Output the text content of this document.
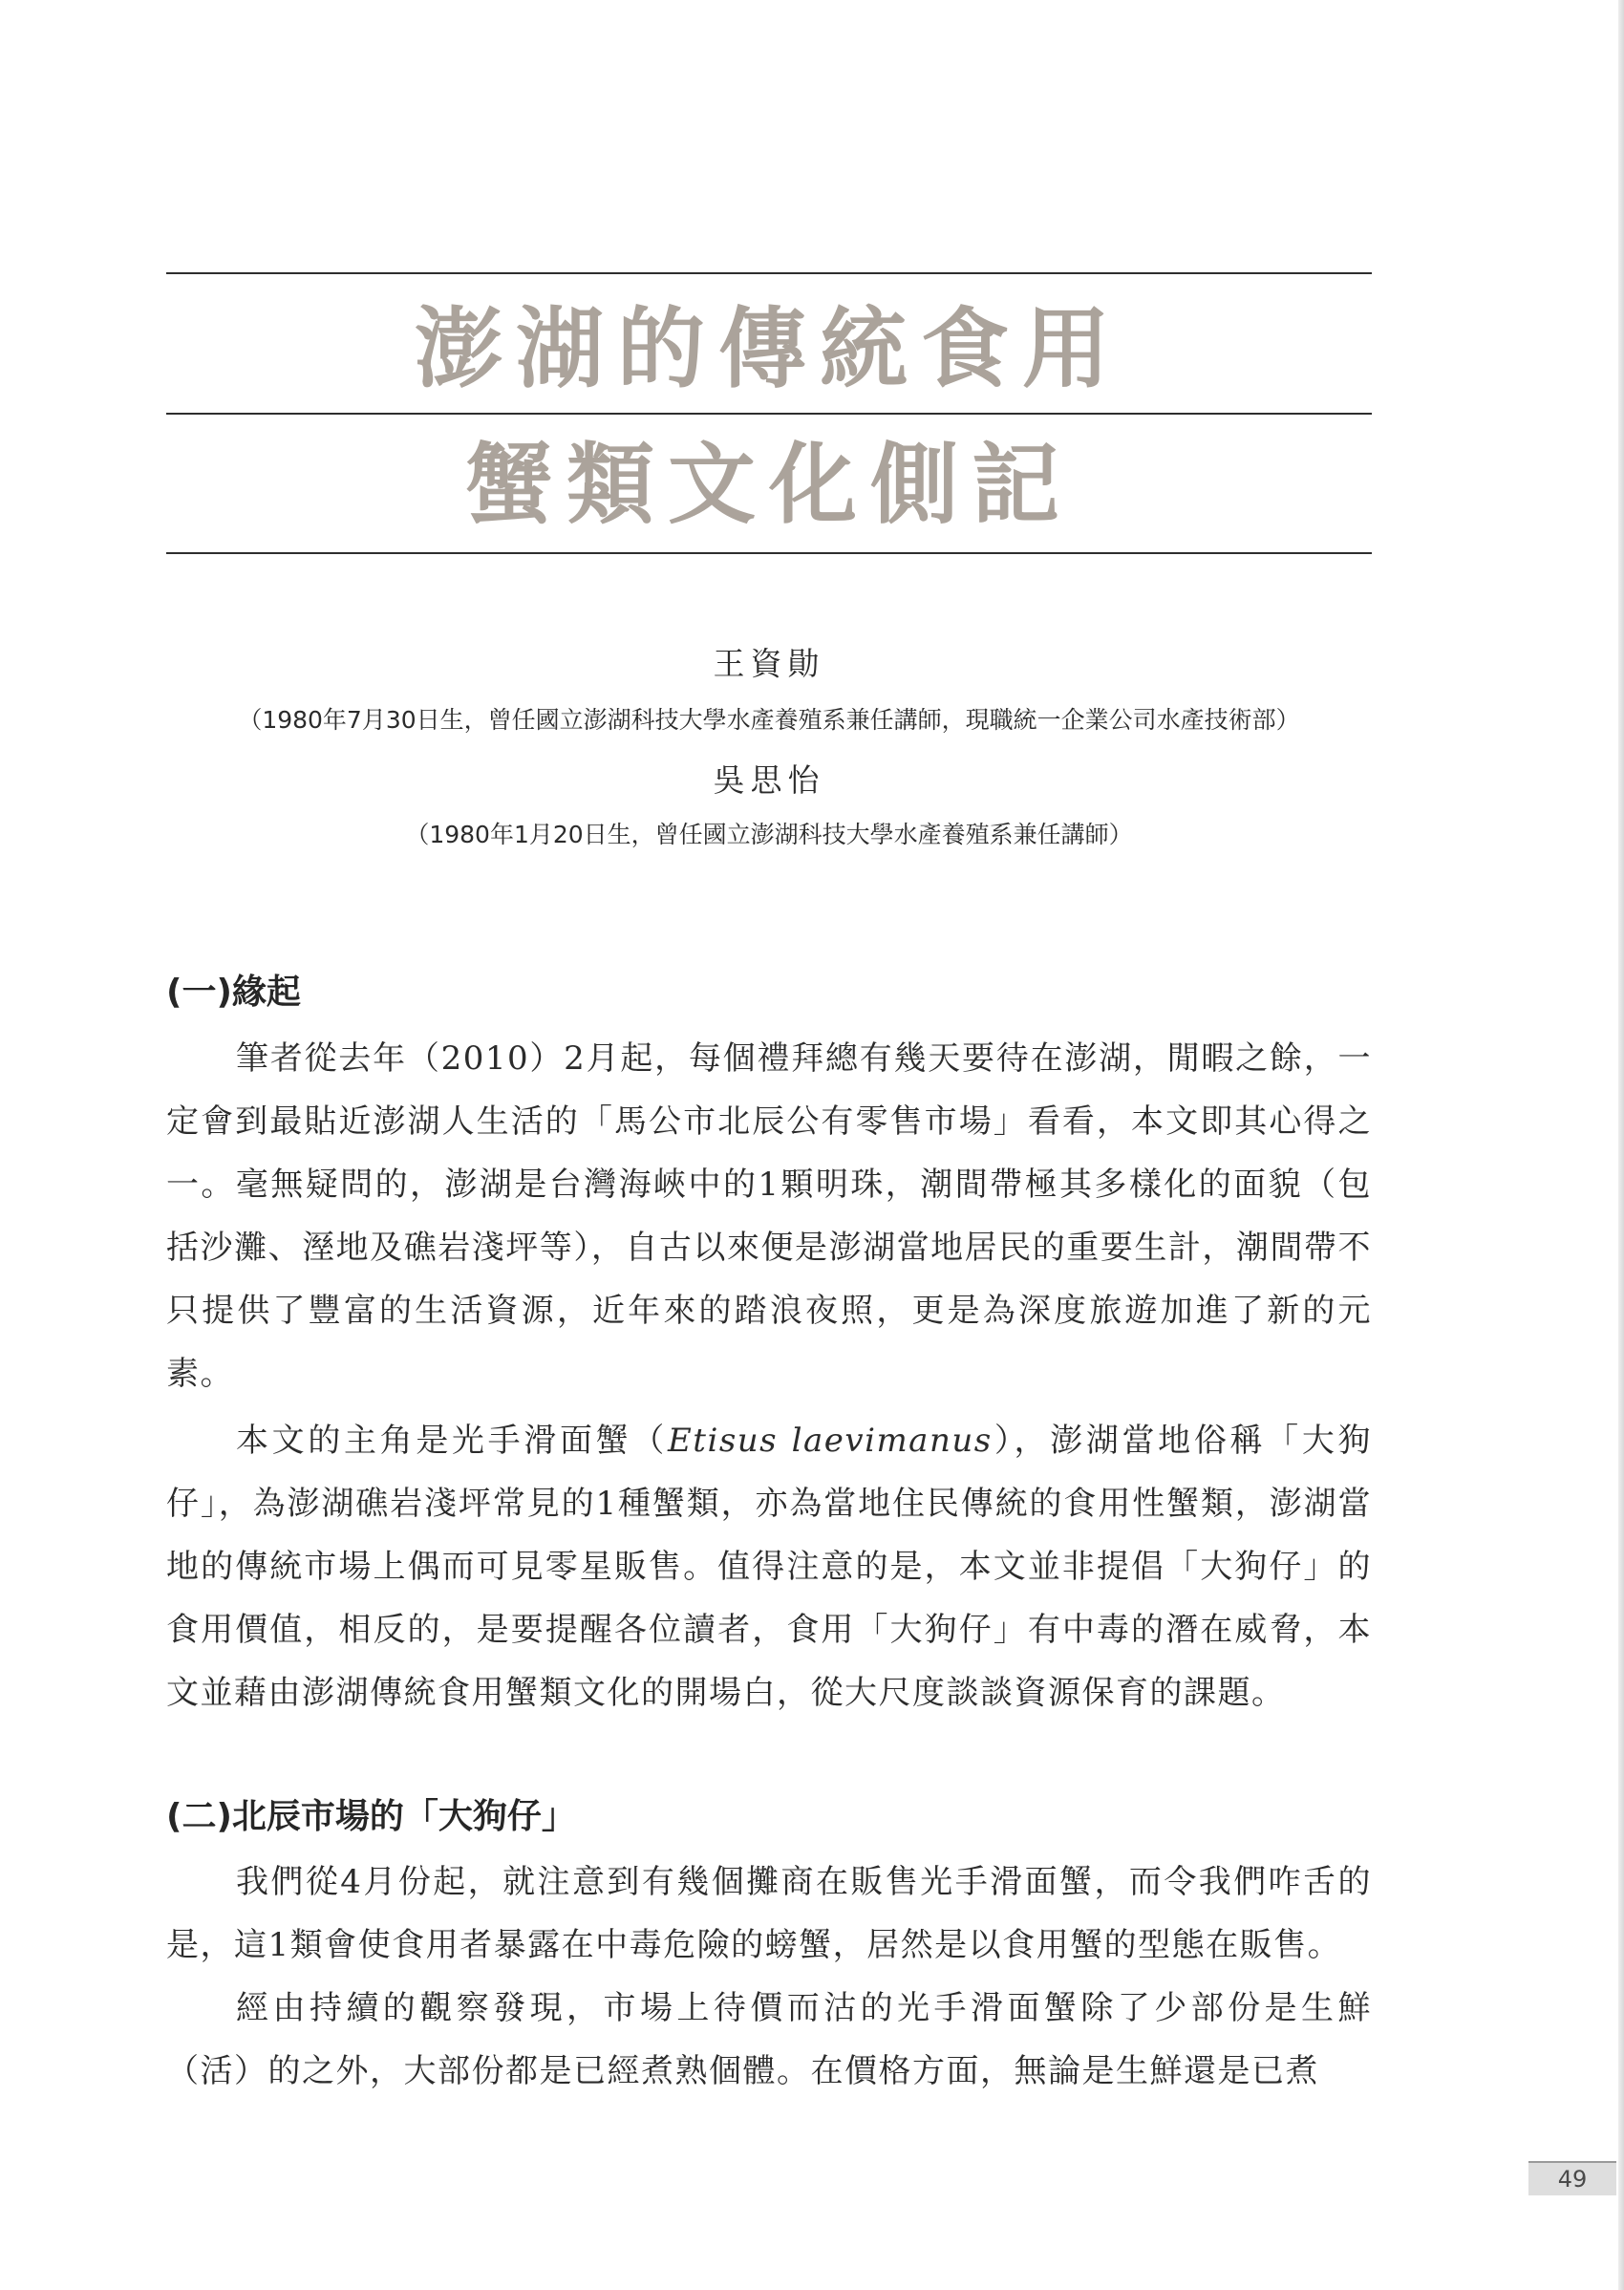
澎湖的傳統食用
蟹類文化側記
王資勛
（1980年7月30日生，曾任國立澎湖科技大學水產養殖系兼任講師，現職統一企業公司水產技術部）
吳思怡
（1980年1月20日生，曾任國立澎湖科技大學水產養殖系兼任講師）
(一)緣起

筆者從去年（2010）2月起，每個禮拜總有幾天要待在澎湖，閒暇之餘，一定會到最貼近澎湖人生活的「馬公市北辰公有零售市場」看看，本文即其心得之一。毫無疑問的，澎湖是台灣海峽中的1顆明珠，潮間帶極其多樣化的面貌（包括沙灘、溼地及礁岩淺坪等），自古以來便是澎湖當地居民的重要生計，潮間帶不只提供了豐富的生活資源，近年來的踏浪夜照，更是為深度旅遊加進了新的元素。

本文的主角是光手滑面蟹（Etisus laevimanus），澎湖當地俗稱「大狗仔」，為澎湖礁岩淺坪常見的1種蟹類，亦為當地住民傳統的食用性蟹類，澎湖當地的傳統市場上偶而可見零星販售。值得注意的是，本文並非提倡「大狗仔」的食用價值，相反的，是要提醒各位讀者，食用「大狗仔」有中毒的潛在威脅，本文並藉由澎湖傳統食用蟹類文化的開場白，從大尺度談談資源保育的課題。

(二)北辰市場的「大狗仔」

我們從4月份起，就注意到有幾個攤商在販售光手滑面蟹，而令我們咋舌的是，這1類會使食用者暴露在中毒危險的螃蟹，居然是以食用蟹的型態在販售。

經由持續的觀察發現，市場上待價而沽的光手滑面蟹除了少部份是生鮮（活）的之外，大部份都是已經煮熟個體。在價格方面，無論是生鮮還是已煮

49
